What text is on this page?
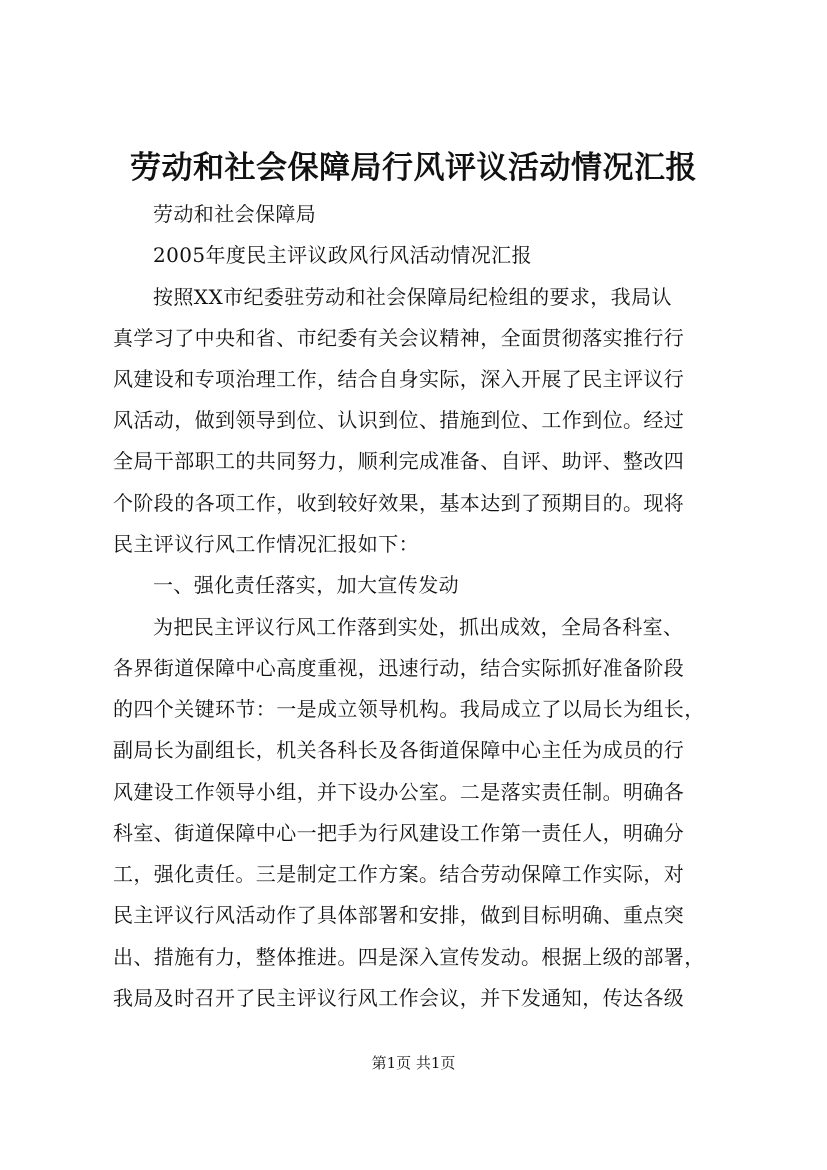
劳动和社会保障局行风评议活动情况汇报
劳动和社会保障局
2005年度民主评议政风行风活动情况汇报
按照XX市纪委驻劳动和社会保障局纪检组的要求，我局认
真学习了中央和省、市纪委有关会议精神，全面贯彻落实推行行
风建设和专项治理工作，结合自身实际，深入开展了民主评议行
风活动，做到领导到位、认识到位、措施到位、工作到位。经过
全局干部职工的共同努力，顺利完成准备、自评、助评、整改四
个阶段的各项工作，收到较好效果，基本达到了预期目的。现将
民主评议行风工作情况汇报如下：
一、强化责任落实，加大宣传发动
为把民主评议行风工作落到实处，抓出成效，全局各科室、
各界街道保障中心高度重视，迅速行动，结合实际抓好准备阶段
的四个关键环节：一是成立领导机构。我局成立了以局长为组长，
副局长为副组长，机关各科长及各街道保障中心主任为成员的行
风建设工作领导小组，并下设办公室。二是落实责任制。明确各
科室、街道保障中心一把手为行风建设工作第一责任人，明确分
工，强化责任。三是制定工作方案。结合劳动保障工作实际，对
民主评议行风活动作了具体部署和安排，做到目标明确、重点突
出、措施有力，整体推进。四是深入宣传发动。根据上级的部署，
我局及时召开了民主评议行风工作会议，并下发通知，传达各级
第1页 共1页
